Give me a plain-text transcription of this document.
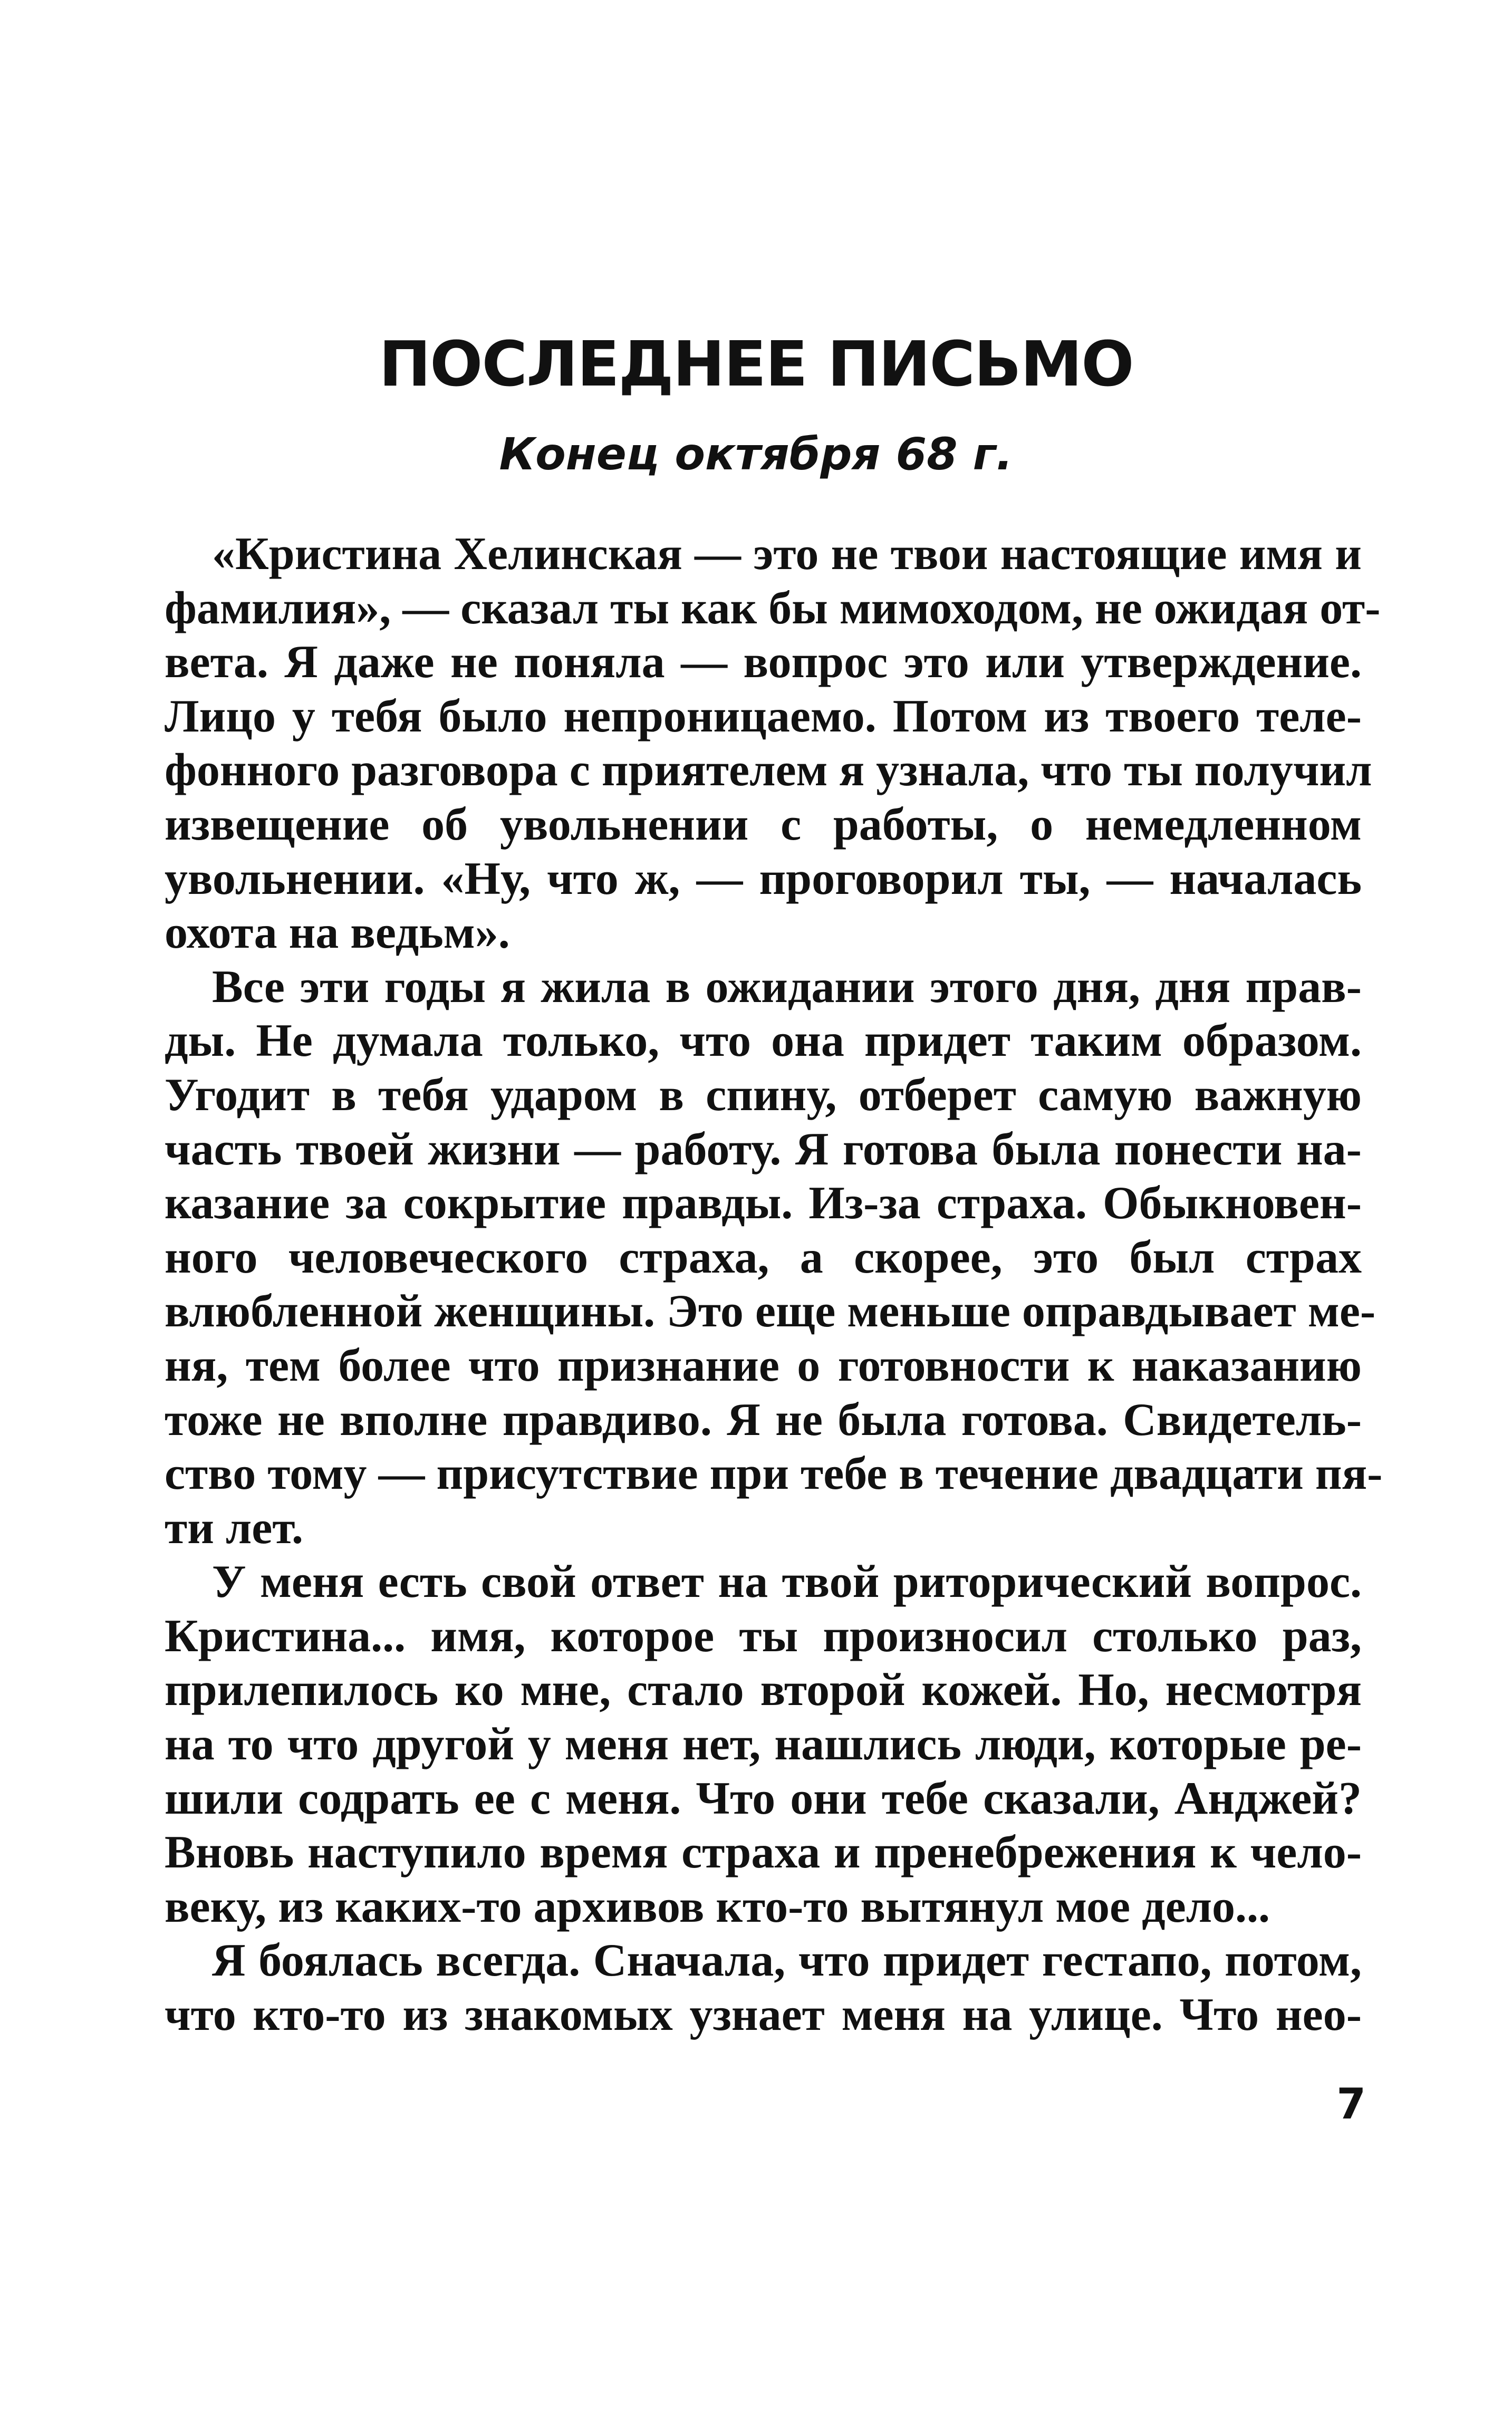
ПОСЛЕДНЕЕ ПИСЬМО
Конец октября 68 г.
«Кристина Хелинская — это не твои настоящие имя и
фамилия», — сказал ты как бы мимоходом, не ожидая от-
вета. Я даже не поняла — вопрос это или утверждение.
Лицо у тебя было непроницаемо. Потом из твоего теле-
фонного разговора с приятелем я узнала, что ты получил
извещение об увольнении с работы, о немедленном
увольнении. «Ну, что ж, — проговорил ты, — началась
охота на ведьм».
Все эти годы я жила в ожидании этого дня, дня прав-
ды. Не думала только, что она придет таким образом.
Угодит в тебя ударом в спину, отберет самую важную
часть твоей жизни — работу. Я готова была понести на-
казание за сокрытие правды. Из-за страха. Обыкновен-
ного человеческого страха, а скорее, это был страх
влюбленной женщины. Это еще меньше оправдывает ме-
ня, тем более что признание о готовности к наказанию
тоже не вполне правдиво. Я не была готова. Свидетель-
ство тому — присутствие при тебе в течение двадцати пя-
ти лет.
У меня есть свой ответ на твой риторический вопрос.
Кристина... имя, которое ты произносил столько раз,
прилепилось ко мне, стало второй кожей. Но, несмотря
на то что другой у меня нет, нашлись люди, которые ре-
шили содрать ее с меня. Что они тебе сказали, Анджей?
Вновь наступило время страха и пренебрежения к чело-
веку, из каких-то архивов кто-то вытянул мое дело...
Я боялась всегда. Сначала, что придет гестапо, потом,
что кто-то из знакомых узнает меня на улице. Что нео-
7
